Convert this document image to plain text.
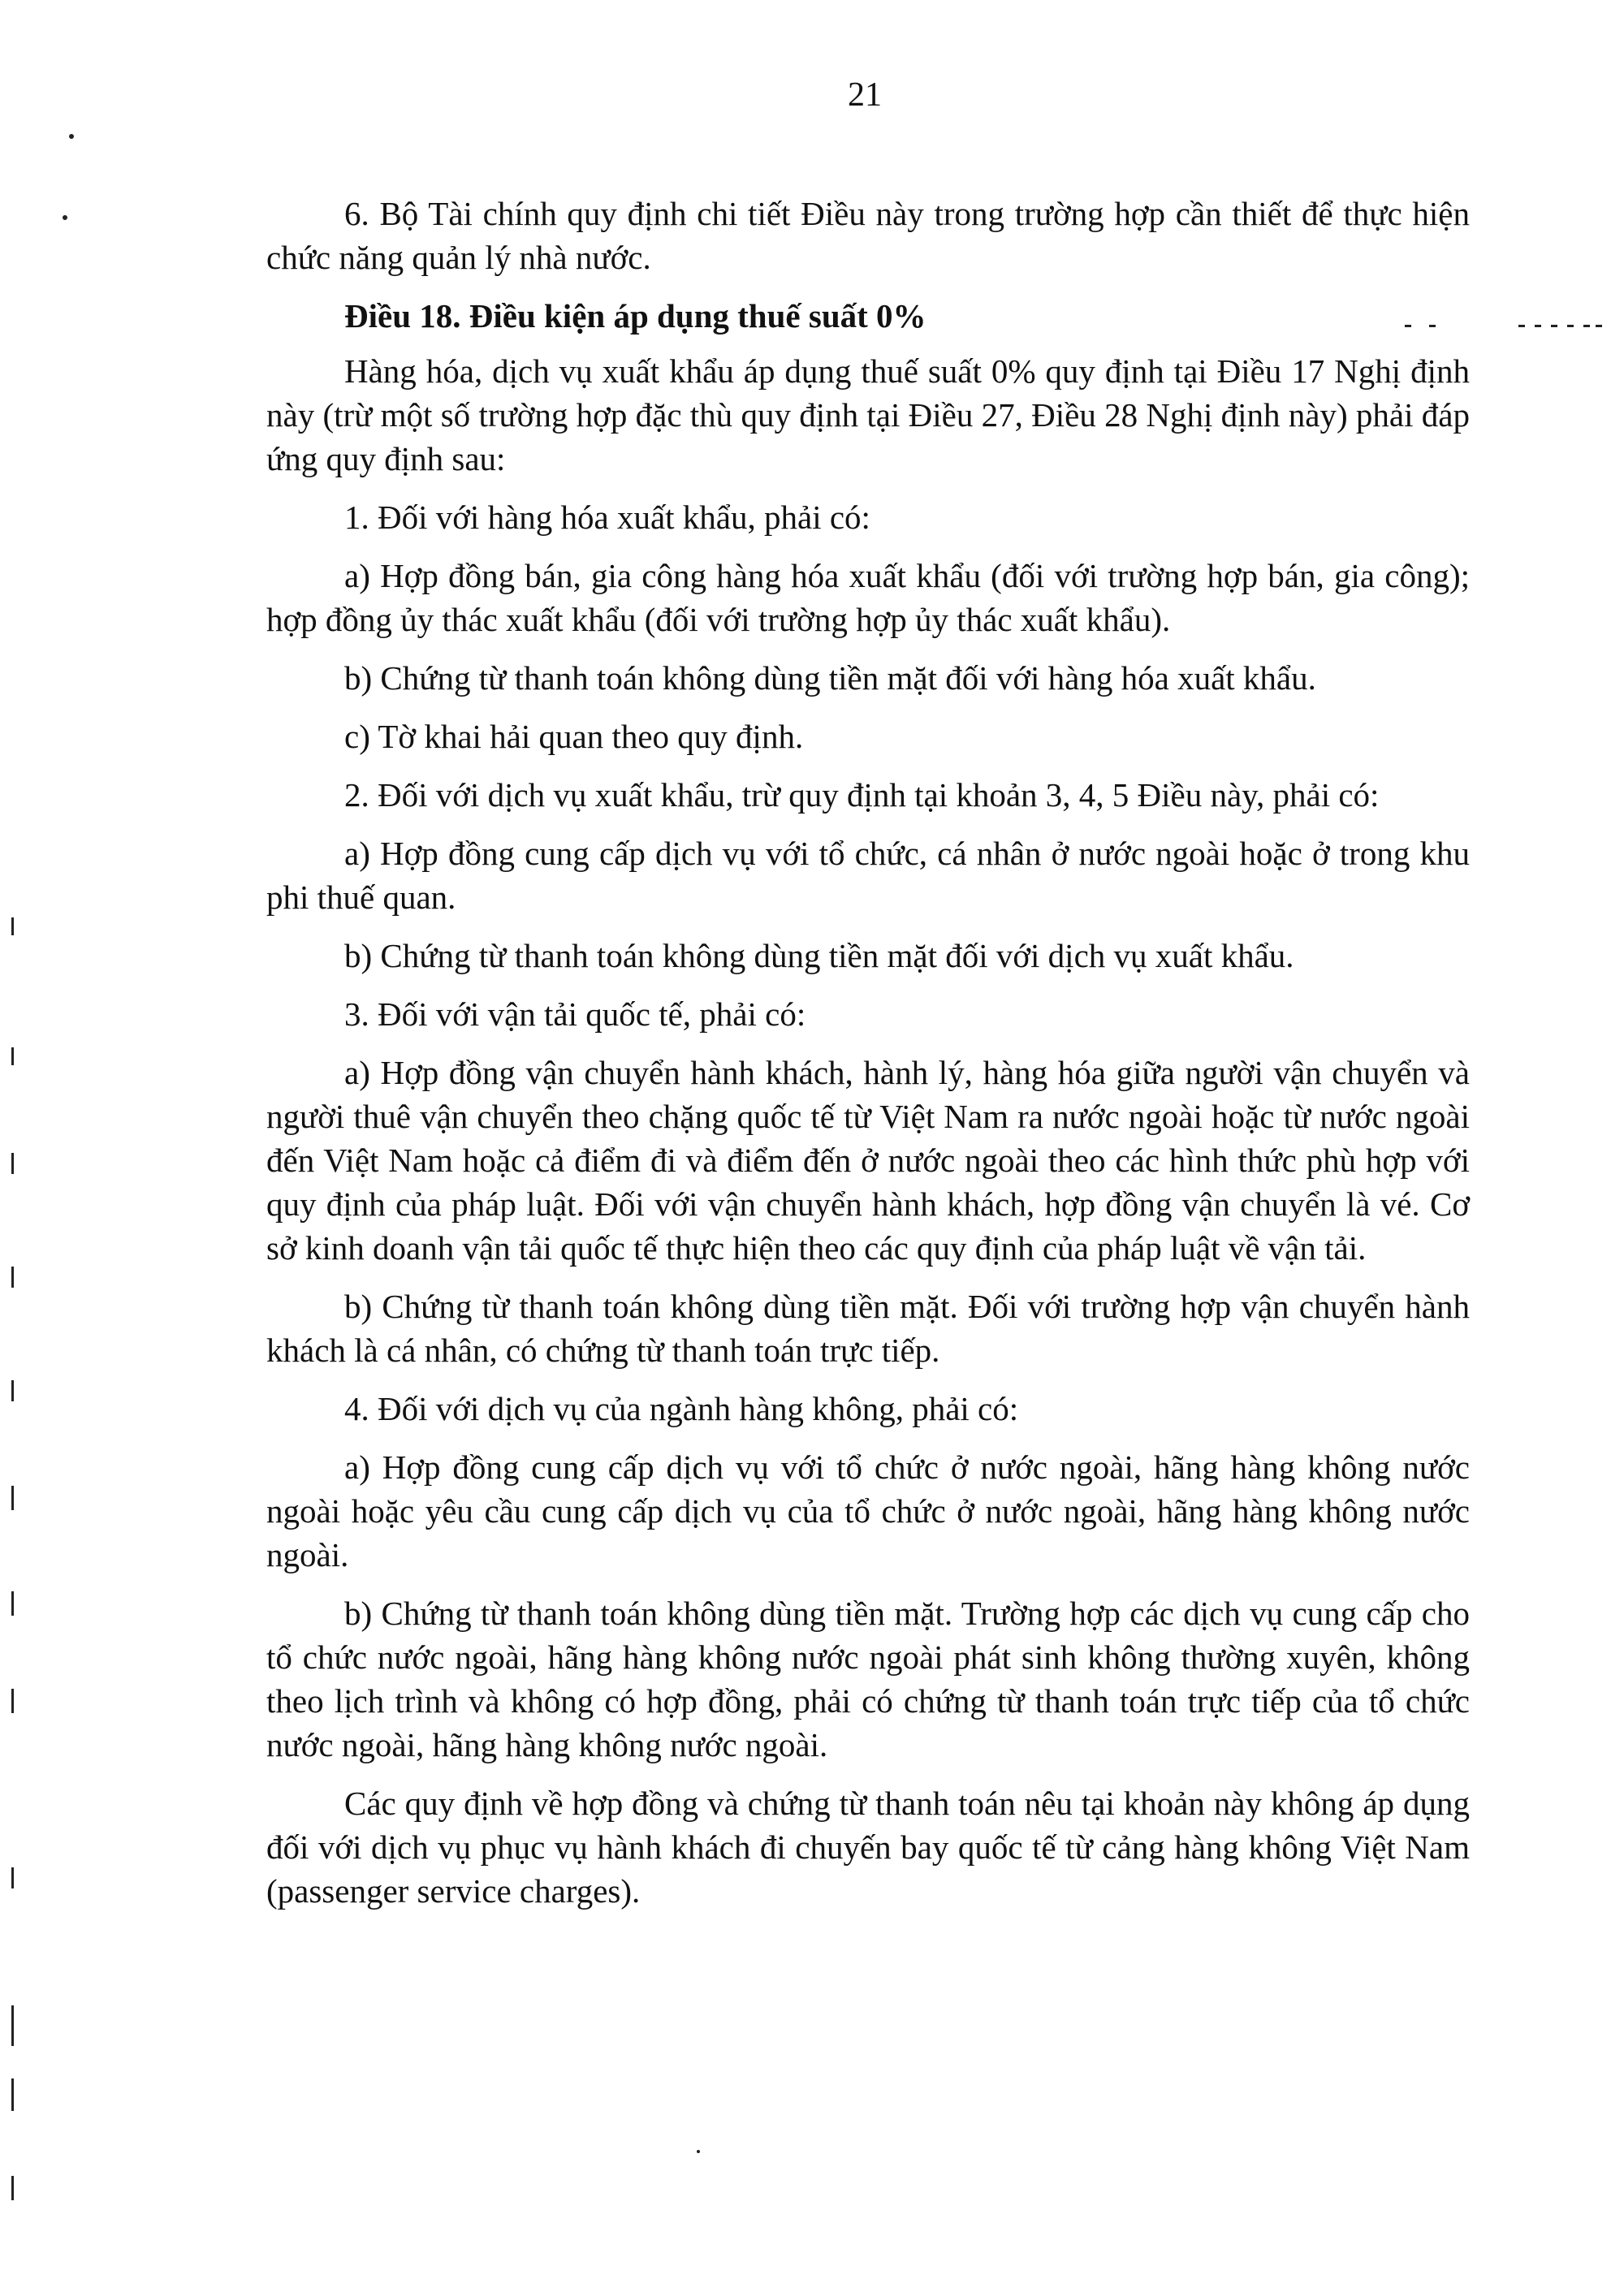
21

6. Bộ Tài chính quy định chi tiết Điều này trong trường hợp cần thiết để thực hiện chức năng quản lý nhà nước.

Điều 18. Điều kiện áp dụng thuế suất 0%

Hàng hóa, dịch vụ xuất khẩu áp dụng thuế suất 0% quy định tại Điều 17 Nghị định này (trừ một số trường hợp đặc thù quy định tại Điều 27, Điều 28 Nghị định này) phải đáp ứng quy định sau:

1. Đối với hàng hóa xuất khẩu, phải có:

a) Hợp đồng bán, gia công hàng hóa xuất khẩu (đối với trường hợp bán, gia công); hợp đồng ủy thác xuất khẩu (đối với trường hợp ủy thác xuất khẩu).

b) Chứng từ thanh toán không dùng tiền mặt đối với hàng hóa xuất khẩu.

c) Tờ khai hải quan theo quy định.

2. Đối với dịch vụ xuất khẩu, trừ quy định tại khoản 3, 4, 5 Điều này, phải có:

a) Hợp đồng cung cấp dịch vụ với tổ chức, cá nhân ở nước ngoài hoặc ở trong khu phi thuế quan.

b) Chứng từ thanh toán không dùng tiền mặt đối với dịch vụ xuất khẩu.

3. Đối với vận tải quốc tế, phải có:

a) Hợp đồng vận chuyển hành khách, hành lý, hàng hóa giữa người vận chuyển và người thuê vận chuyển theo chặng quốc tế từ Việt Nam ra nước ngoài hoặc từ nước ngoài đến Việt Nam hoặc cả điểm đi và điểm đến ở nước ngoài theo các hình thức phù hợp với quy định của pháp luật. Đối với vận chuyển hành khách, hợp đồng vận chuyển là vé. Cơ sở kinh doanh vận tải quốc tế thực hiện theo các quy định của pháp luật về vận tải.

b) Chứng từ thanh toán không dùng tiền mặt. Đối với trường hợp vận chuyển hành khách là cá nhân, có chứng từ thanh toán trực tiếp.

4. Đối với dịch vụ của ngành hàng không, phải có:

a) Hợp đồng cung cấp dịch vụ với tổ chức ở nước ngoài, hãng hàng không nước ngoài hoặc yêu cầu cung cấp dịch vụ của tổ chức ở nước ngoài, hãng hàng không nước ngoài.

b) Chứng từ thanh toán không dùng tiền mặt. Trường hợp các dịch vụ cung cấp cho tổ chức nước ngoài, hãng hàng không nước ngoài phát sinh không thường xuyên, không theo lịch trình và không có hợp đồng, phải có chứng từ thanh toán trực tiếp của tổ chức nước ngoài, hãng hàng không nước ngoài.

Các quy định về hợp đồng và chứng từ thanh toán nêu tại khoản này không áp dụng đối với dịch vụ phục vụ hành khách đi chuyến bay quốc tế từ cảng hàng không Việt Nam (passenger service charges).
